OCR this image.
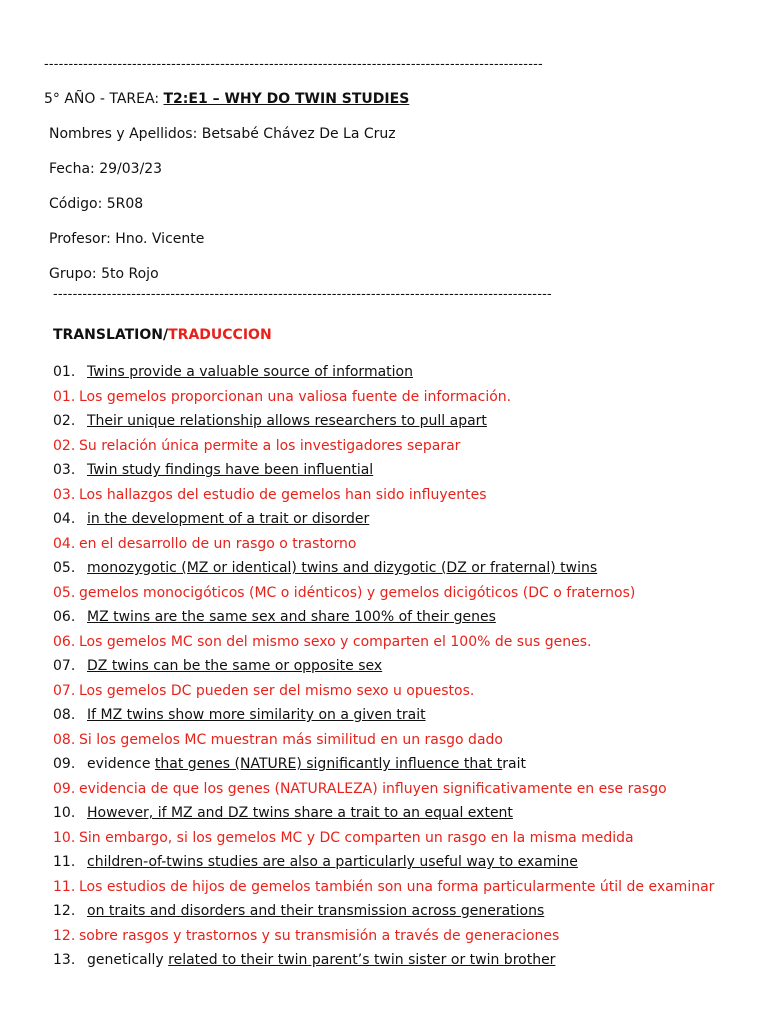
------------------------------------------------------------------------------------------------------
5° AÑO - TAREA: T2:E1 – WHY DO TWIN STUDIES
Nombres y Apellidos: Betsabé Chávez De La Cruz
Fecha: 29/03/23
Código: 5R08
Profesor: Hno. Vicente
Grupo: 5to Rojo
------------------------------------------------------------------------------------------------------
TRANSLATION/TRADUCCION
01. Twins provide a valuable source of information
01. Los gemelos proporcionan una valiosa fuente de información.
02. Their unique relationship allows researchers to pull apart
02. Su relación única permite a los investigadores separar
03. Twin study findings have been influential
03. Los hallazgos del estudio de gemelos han sido influyentes
04. in the development of a trait or disorder
04. en el desarrollo de un rasgo o trastorno
05. monozygotic (MZ or identical) twins and dizygotic (DZ or fraternal) twins
05. gemelos monocigóticos (MC o idénticos) y gemelos dicigóticos (DC o fraternos)
06. MZ twins are the same sex and share 100% of their genes
06. Los gemelos MC son del mismo sexo y comparten el 100% de sus genes.
07. DZ twins can be the same or opposite sex
07. Los gemelos DC pueden ser del mismo sexo u opuestos.
08. If MZ twins show more similarity on a given trait
08. Si los gemelos MC muestran más similitud en un rasgo dado
09. evidence that genes (NATURE) significantly influence that trait
09. evidencia de que los genes (NATURALEZA) influyen significativamente en ese rasgo
10. However, if MZ and DZ twins share a trait to an equal extent
10. Sin embargo, si los gemelos MC y DC comparten un rasgo en la misma medida
11. children-of-twins studies are also a particularly useful way to examine
11. Los estudios de hijos de gemelos también son una forma particularmente útil de examinar
12. on traits and disorders and their transmission across generations
12. sobre rasgos y trastornos y su transmisión a través de generaciones
13. genetically related to their twin parent’s twin sister or twin brother
